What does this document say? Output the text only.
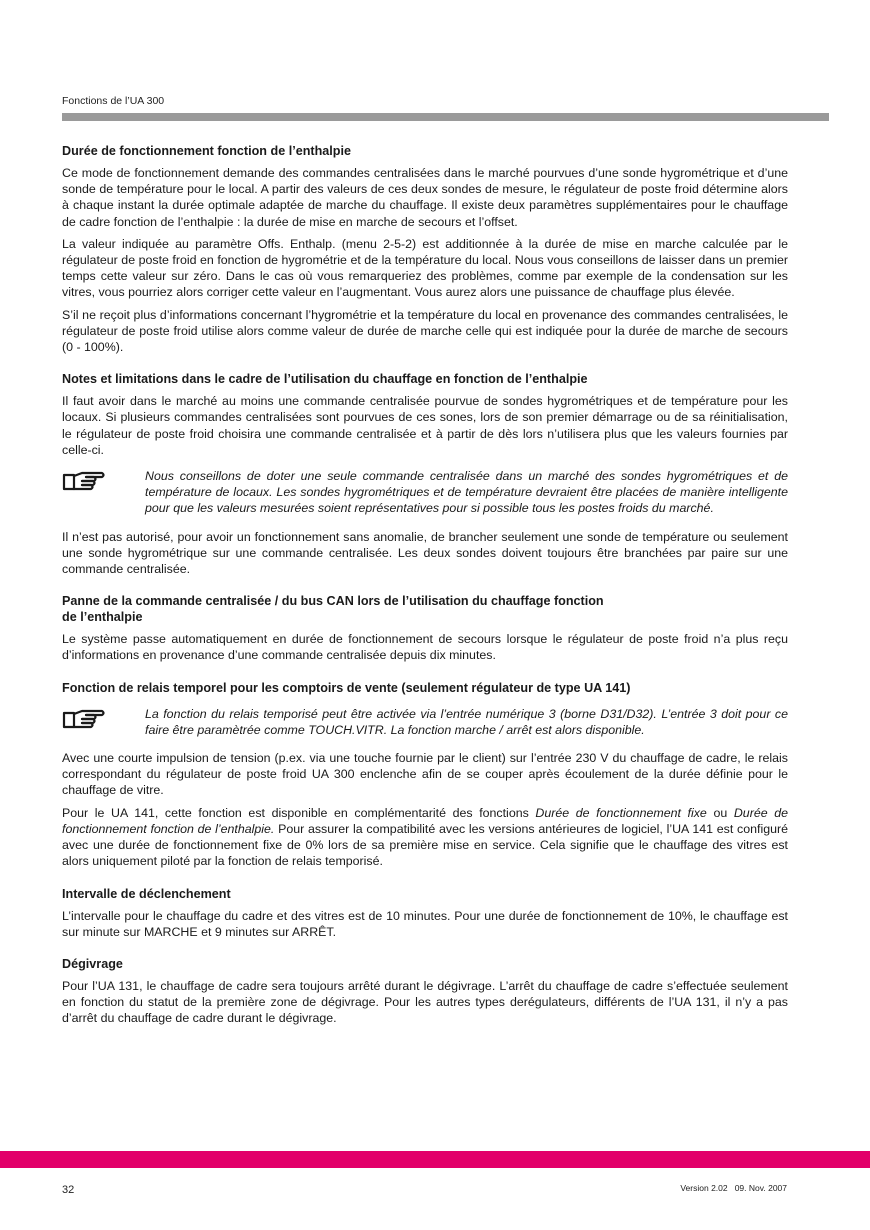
Fonctions de l’UA 300
Durée de fonctionnement fonction de l’enthalpie

Ce mode de fonctionnement demande des commandes centralisées dans le marché pourvues d’une sonde hygrométrique et d’une sonde de température pour le local. A partir des valeurs de ces deux sondes de mesure, le régulateur de poste froid détermine alors à chaque instant la durée optimale adaptée de marche du chauffage. Il existe deux paramètres supplémentaires pour le chauffage de cadre fonction de l’enthalpie : la durée de mise en marche de secours et l’offset.

La valeur indiquée au paramètre Offs. Enthalp. (menu 2-5-2) est additionnée à la durée de mise en marche calculée par le régulateur de poste froid en fonction de hygrométrie et de la température du local. Nous vous conseillons de laisser dans un premier temps cette valeur sur zéro. Dans le cas où vous remarqueriez des problèmes, comme par exemple de la condensation sur les vitres, vous pourriez alors corriger cette valeur en l’augmentant. Vous aurez alors une puissance de chauffage plus élevée.

S’il ne reçoit plus d’informations concernant l’hygrométrie et la température du local en provenance des commandes centralisées, le régulateur de poste froid utilise alors comme valeur de durée de marche celle qui est indiquée pour la durée de marche de secours (0 - 100%).

Notes et limitations dans le cadre de l’utilisation du chauffage en fonction de l’enthalpie

Il faut avoir dans le marché au moins une commande centralisée pourvue de sondes hygrométriques et de température pour les locaux. Si plusieurs commandes centralisées sont pourvues de ces sones, lors de son premier démarrage ou de sa réinitialisation, le régulateur de poste froid choisira une commande centralisée et à partir de dès lors n’utilisera plus que les valeurs fournies par celle-ci.

Nous conseillons de doter une seule commande centralisée dans un marché des sondes hygrométriques et de température de locaux. Les sondes hygrométriques et de température devraient être placées de manière intelligente pour que les valeurs mesurées soient représentatives pour si possible tous les postes froids du marché.

Il n’est pas autorisé, pour avoir un fonctionnement sans anomalie, de brancher seulement une sonde de température ou seulement une sonde hygrométrique sur une commande centralisée. Les deux sondes doivent toujours être branchées par paire sur une commande centralisée.

Panne de la commande centralisée / du bus CAN lors de l’utilisation du chauffage fonction
de l’enthalpie

Le système passe automatiquement en durée de fonctionnement de secours lorsque le régulateur de poste froid n’a plus reçu d’informations en provenance d’une commande centralisée depuis dix minutes.

Fonction de relais temporel pour les comptoirs de vente (seulement régulateur de type UA 141)

La fonction du relais temporisé peut être activée via l’entrée numérique 3 (borne D31/D32). L’entrée 3 doit pour ce faire être paramètrée comme TOUCH.VITR. La fonction marche / arrêt est alors disponible.

Avec une courte impulsion de tension (p.ex. via une touche fournie par le client) sur l’entrée 230 V du chauffage de cadre, le relais correspondant du régulateur de poste froid UA 300 enclenche afin de se couper après écoulement de la durée définie pour le chauffage de vitre.

Pour le UA 141, cette fonction est disponible en complémentarité des fonctions Durée de fonctionnement fixe ou Durée de fonctionnement fonction de l’enthalpie. Pour assurer la compatibilité avec les versions antérieures de logiciel, l’UA 141 est configuré avec une durée de fonctionnement fixe de 0% lors de sa première mise en service. Cela signifie que le chauffage des vitres est alors uniquement piloté par la fonction de relais temporisé.

Intervalle de déclenchement

L’intervalle pour le chauffage du cadre et des vitres est de 10 minutes. Pour une durée de fonctionnement de 10%, le chauffage est sur minute sur MARCHE et 9 minutes sur ARRÊT.

Dégivrage

Pour l’UA 131, le chauffage de cadre sera toujours arrêté durant le dégivrage. L’arrêt du chauffage de cadre s’effectuée seulement en fonction du statut de la première zone de dégivrage. Pour les autres types derégulateurs, différents de l’UA 131, il n’y a pas d’arrêt du chauffage de cadre durant le dégivrage.

32	Version 2.02   09. Nov. 2007
